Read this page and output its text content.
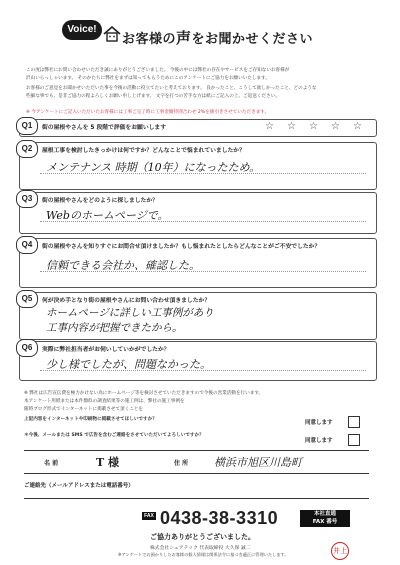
Voice!
お客様の声をお聞かせください
この度は弊社にお問い合わせいただき誠にありがとうございました。 今後の中には弊社の存在やサービスをご存知ないお客様が
沢山いらっしゃいます。 そのかたちに弊社をまずは知ってもらうためにこのアンケートにご協力をお願いいたします。
お客様のご意見をお聞かせいただいた事を今後の活動に役立てたいと考えております。 良かったこと、こうして欲しかったこと、どのような
些細な事でも、是非ご協力の程よろしくお願い申し上げます。 文字を打つの苦手な方は紙にご記入の上、ご返送ください。
※ 今アンケートにご記入いただいたお客様には工事ご完了時に工事金額特別合わせ 2%を値引きさせていただきます。
Q1	街の屋根やさんを 5 段階で評価をお願いします	☆ ☆ ☆ ☆ ☆
Q2	屋根工事を検討したきっかけは何ですか？どんなことで悩まれていましたか？
メンテナンス 時期（10年）になったため。
Q3	街の屋根やさんをどのように探しましたか？
Webのホームページで。
Q4	街の屋根やさんを知りすぐにお問合せ頂けましたか？もし悩まれたとしたらどんなことがご不安でしたか？
信頼できる会社か、確認した。
Q5	何が決め手となり街の屋根やさんにお問い合わせ頂きましたか？
ホームページに詳しい工事例があり
工事内容が把握できたから。
Q6	実際に弊社担当者がお伺いしていかがでしたか？
少し様でしたが、問題なかった。
※ 弊社は広告宣伝費を極力かけない為にホームページ等を検討させていただきますので今後の営業活動を行います。
本アンケート用紙または本件類似の調査結果等の施工例は、弊社の施工事例を
随時ブログ形式でインターネットに掲載させて頂くことを
上記内容をインターネットや印刷物に掲載させてほしいですか？
同意します
＊今後、メールまたは SMS で広告を含むご連絡をさせていただいてよろしいですか？
同意します
名 前	T 様	住 所 横浜市旭区川島町
ご連絡先（メールアドレスまたは電話番号）
FAX 0438-38-3310	本社直通
FAX 番号
ご協力ありがとうございました。
株式会社シェアテック 代表取締役 大久保 誠二
※アンケートでお預かりしたお客様の個人情報は関係法令に基づき適正に管理いたします。	井上
